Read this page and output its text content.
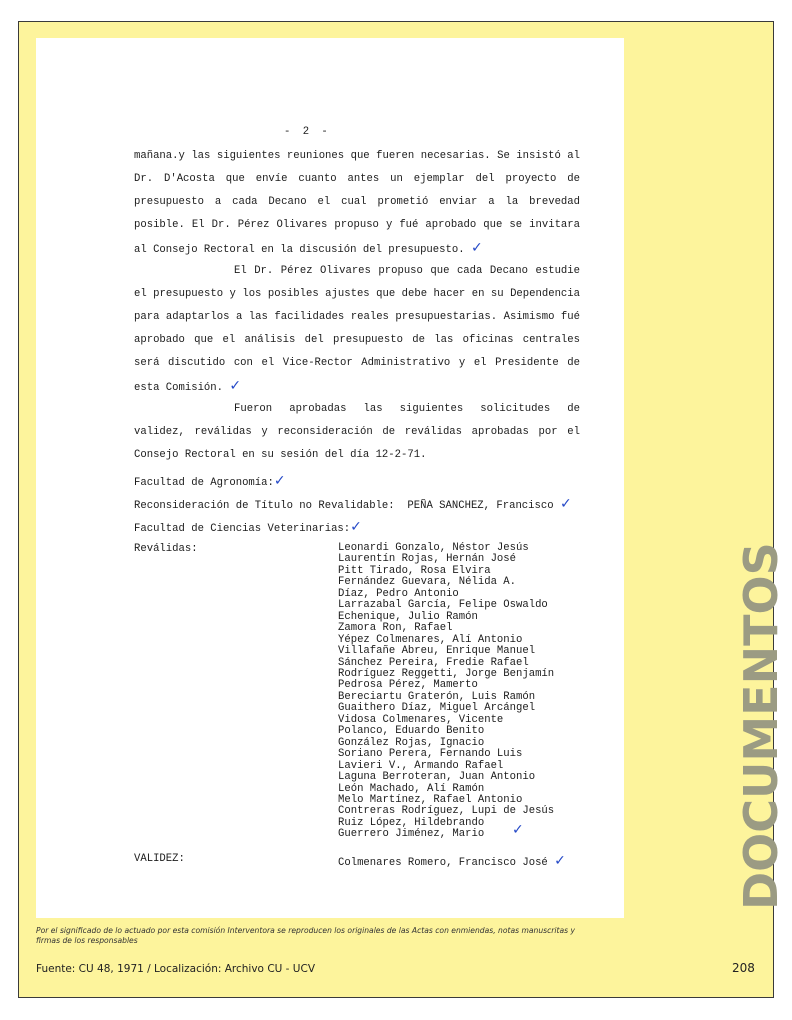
- 2 -
mañana.y las siguientes reuniones que fueren necesarias. Se insistó al Dr. D'Acosta que envíe cuanto antes un ejemplar del proyecto de presupuesto a cada Decano el cual prometió enviar a la brevedad posible. El Dr. Pérez Olivares propuso y fué aprobado que se invitara al Consejo Rectoral en la discusión del presupuesto. ✓
El Dr. Pérez Olivares propuso que cada Decano estudie el presupuesto y los posibles ajustes que debe hacer en su Dependencia para adaptarlos a las facilidades reales presupuestarias. Asimismo fué aprobado que el análisis del presupuesto de las oficinas centrales será discutido con el Vice-Rector Administrativo y el Presidente de esta Comisión. ✓
Fueron aprobadas las siguientes solicitudes de validez, reválidas y reconsideración de reválidas aprobadas por el Consejo Rectoral en su sesión del día 12-2-71.
Facultad de Agronomía:✓
Reconsideración de Título no Revalidable: PEÑA SANCHEZ, Francisco ✓
Facultad de Ciencias Veterinarias:✓
Reválidas:	Leonardi Gonzalo, Néstor Jesús
Laurentín Rojas, Hernán José
Pitt Tirado, Rosa Elvira
Fernández Guevara, Nélida A.
Díaz, Pedro Antonio
Larrazabal García, Felipe Oswaldo
Echenique, Julio Ramón
Zamora Ron, Rafael
Yépez Colmenares, Alí Antonio
Villafañe Abreu, Enrique Manuel
Sánchez Pereira, Fredie Rafael
Rodríguez Reggetti, Jorge Benjamín
Pedrosa Pérez, Mamerto
Bereciartu Graterón, Luis Ramón
Guaithero Díaz, Miguel Arcángel
Vidosa Colmenares, Vicente
Polanco, Eduardo Benito
González Rojas, Ignacio
Soriano Perera, Fernando Luis
Lavieri V., Armando Rafael
Laguna Berroteran, Juan Antonio
León Machado, Alí Ramón
Melo Martínez, Rafael Antonio
Contreras Rodríguez, Lupi de Jesús
Ruiz López, Hildebrando
Guerrero Jiménez, Mario	✓
VALIDEZ:	Colmenares Romero, Francisco José ✓	DOCUMENTOS
Por el significado de lo actuado por esta comisión Interventora se reproducen los originales de las Actas con enmiendas, notas manuscritas y firmas de los responsables
Fuente: CU 48, 1971 / Localización: Archivo CU - UCV	208
